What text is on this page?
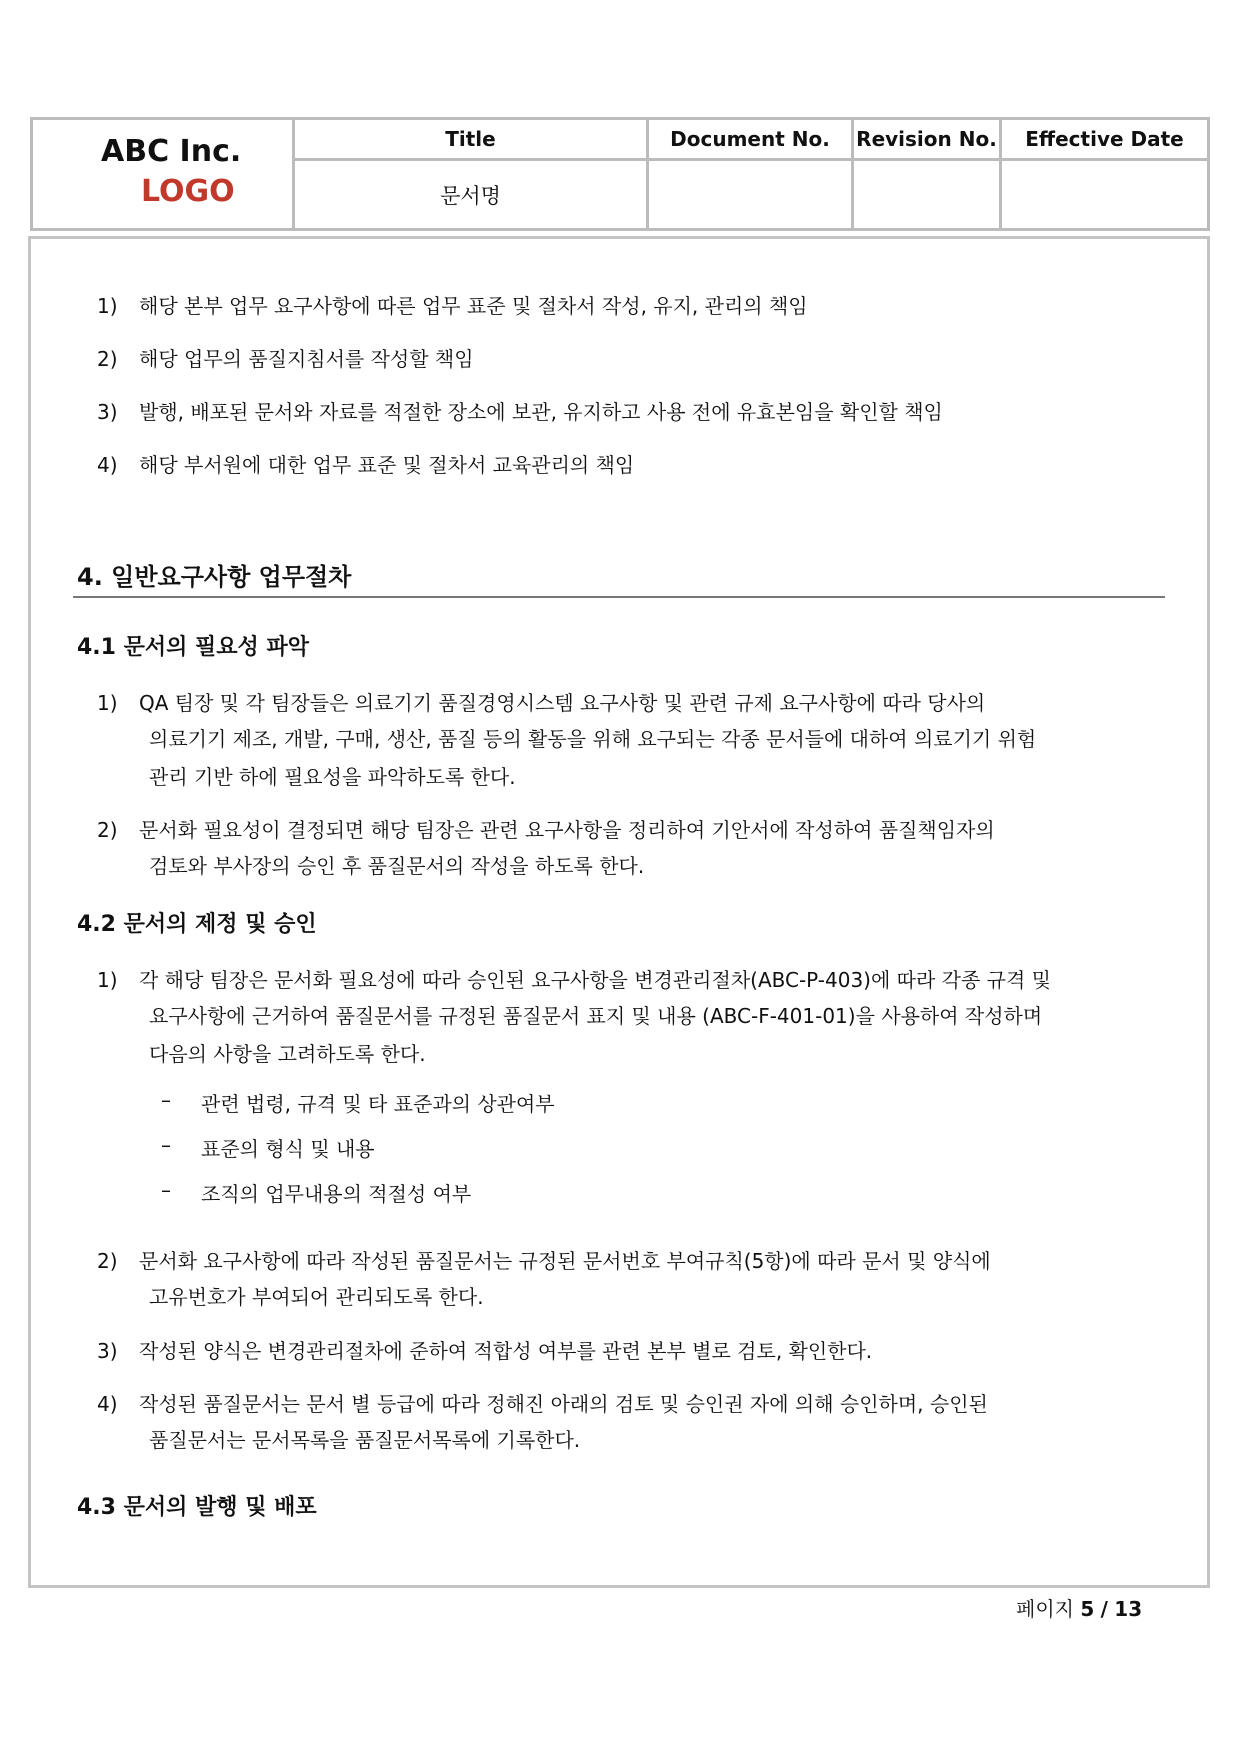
ABC Inc.
LOGO	Title	Document No.	Revision No.	Effective Date
	문서명			
1) 해당 본부 업무 요구사항에 따른 업무 표준 및 절차서 작성, 유지, 관리의 책임
2) 해당 업무의 품질지침서를 작성할 책임
3) 발행, 배포된 문서와 자료를 적절한 장소에 보관, 유지하고 사용 전에 유효본임을 확인할 책임
4) 해당 부서원에 대한 업무 표준 및 절차서 교육관리의 책임
4. 일반요구사항 업무절차
4.1 문서의 필요성 파악
1) QA 팀장 및 각 팀장들은 의료기기 품질경영시스템 요구사항 및 관련 규제 요구사항에 따라 당사의
의료기기 제조, 개발, 구매, 생산, 품질 등의 활동을 위해 요구되는 각종 문서들에 대하여 의료기기 위험
관리 기반 하에 필요성을 파악하도록 한다.
2) 문서화 필요성이 결정되면 해당 팀장은 관련 요구사항을 정리하여 기안서에 작성하여 품질책임자의
검토와 부사장의 승인 후 품질문서의 작성을 하도록 한다.
4.2 문서의 제정 및 승인
1) 각 해당 팀장은 문서화 필요성에 따라 승인된 요구사항을 변경관리절차(ABC-P-403)에 따라 각종 규격 및
요구사항에 근거하여 품질문서를 규정된 품질문서 표지 및 내용 (ABC-F-401-01)을 사용하여 작성하며
다음의 사항을 고려하도록 한다.
– 관련 법령, 규격 및 타 표준과의 상관여부
– 표준의 형식 및 내용
– 조직의 업무내용의 적절성 여부
2) 문서화 요구사항에 따라 작성된 품질문서는 규정된 문서번호 부여규칙(5항)에 따라 문서 및 양식에
고유번호가 부여되어 관리되도록 한다.
3) 작성된 양식은 변경관리절차에 준하여 적합성 여부를 관련 본부 별로 검토, 확인한다.
4) 작성된 품질문서는 문서 별 등급에 따라 정해진 아래의 검토 및 승인권 자에 의해 승인하며, 승인된
품질문서는 문서목록을 품질문서목록에 기록한다.
4.3 문서의 발행 및 배포
페이지 5 / 13
